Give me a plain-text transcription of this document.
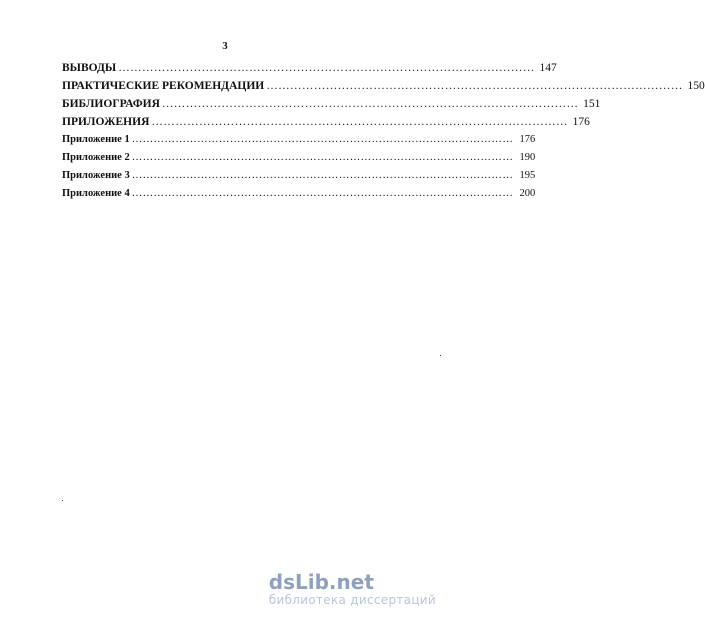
3
ВЫВОДЫ …………………………………………………………………………………………… 147
ПРАКТИЧЕСКИЕ РЕКОМЕНДАЦИИ …………………………………………………………………………………………… 150
БИБЛИОГРАФИЯ …………………………………………………………………………………………… 151
ПРИЛОЖЕНИЯ …………………………………………………………………………………………… 176
Приложение 1 …………………………………………………………………………………………… 176
Приложение 2 …………………………………………………………………………………………… 190
Приложение 3 …………………………………………………………………………………………… 195
Приложение 4 …………………………………………………………………………………………… 200
dsLib.net
библиотека диссертаций
